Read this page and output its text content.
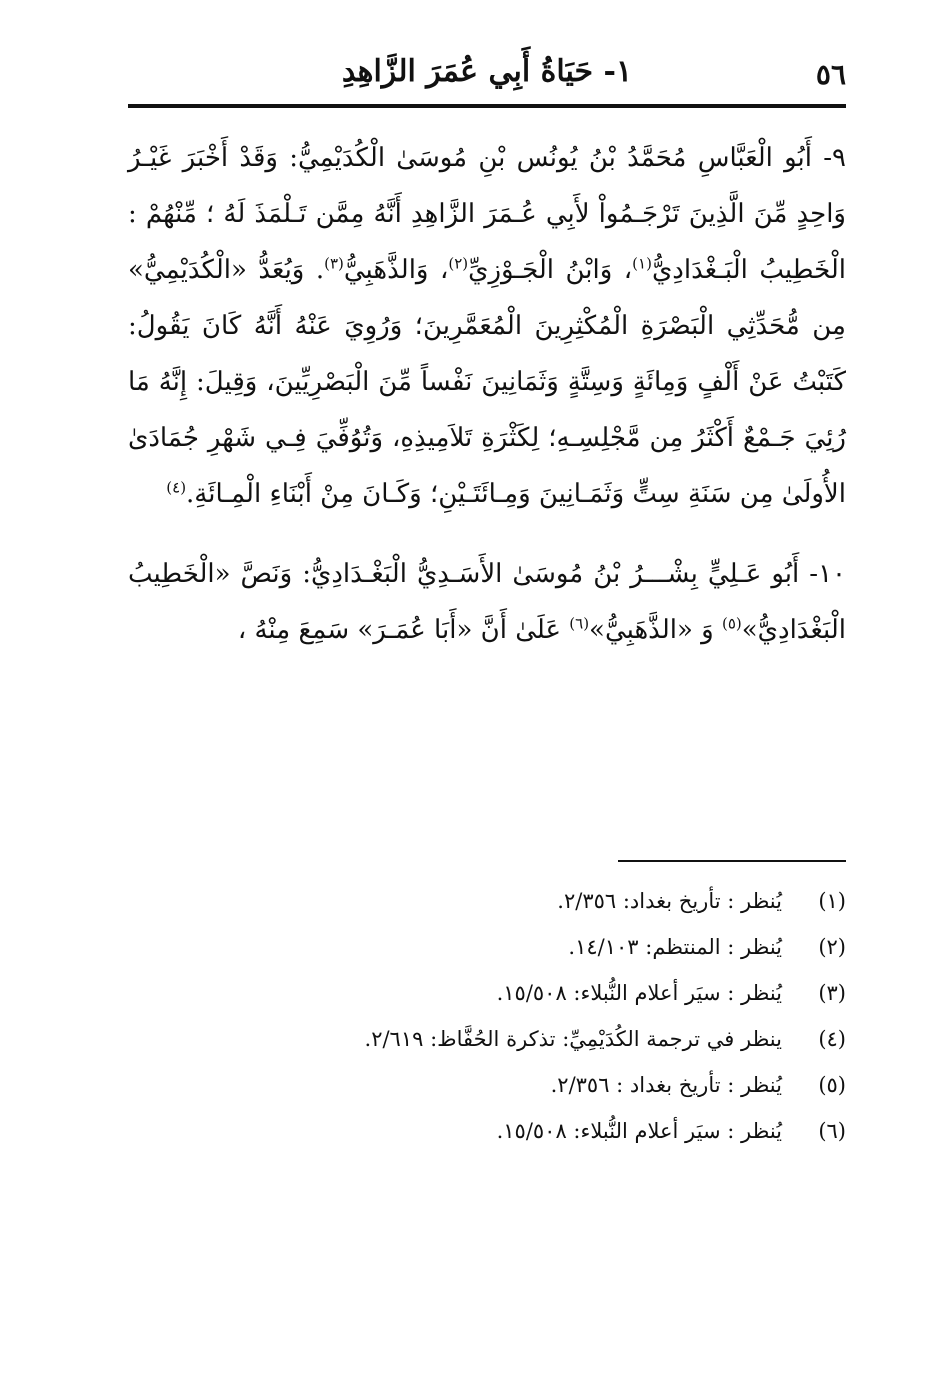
٥٦
١- حَيَاةُ أَبِي عُمَرَ الزَّاهِدِ

٩- أَبُو الْعَبَّاسِ مُحَمَّدُ بْنُ يُونُس بْنِ مُوسَىٰ الْكُدَيْمِيُّ: وَقَدْ أَخْبَرَ غَيْـرُ وَاحِدٍ مِّنَ الَّذِينَ تَرْجَـمُواْ لأَبِي عُـمَرَ الزَّاهِدِ أَنَّهُ مِمَّن تَـلْمَذَ لَهُ ؛ مِّنْهُمْ : الْخَطِيبُ الْبَـغْدَادِيُّ$^{(١)}$، وَابْنُ الْجَـوْزِيِّ$^{(٢)}$، وَالذَّهَبِيُّ$^{(٣)}$. وَيُعَدُّ «الْكُدَيْمِيُّ» مِن مُّحَدِّثِي الْبَصْرَةِ الْمُكْثِرِينَ الْمُعَمَّرِينَ؛ وَرُوِيَ عَنْهُ أَنَّهُ كَانَ يَقُولُ: كَتَبْتُ عَنْ أَلْفٍ وَمِائَةٍ وَسِتَّةٍ وَثَمَانِينَ نَفْساً مِّنَ الْبَصْرِيِّينَ، وَقِيلَ: إِنَّهُ مَا رُئِيَ جَـمْعٌ أَكْثَرُ مِن مَّجْلِسِـهِ؛ لِكَثْرَةِ تَلاَمِيذِهِ، وَتُوُفِّيَ فِـي شَهْرِ جُمَادَىٰ الأُولَىٰ مِن سَنَةِ سِتٍّ وَثَمَـانِينَ وَمِـائَتَـيْنِ؛ وَكَـانَ مِنْ أَبْنَاءِ الْمِـائَةِ.$^{(٤)}$

١٠- أَبُو عَـلِيٍّ بِشْـــرُ بْنُ مُوسَىٰ الأَسَـدِيُّ الْبَغْـدَادِيُّ: وَنَصَّ «الْخَطِيبُ الْبَغْدَادِيُّ»$^{(٥)}$ وَ «الذَّهَبِيُّ»$^{(٦)}$ عَلَىٰ أَنَّ «أَبَا عُمَـرَ» سَمِعَ مِنْهُ ،

(١)
يُنظر : تأريخ بغداد: ٢/٣٥٦.
(٢)
يُنظر : المنتظم: ١٤/١٠٣.
(٣)
يُنظر : سيَر أعلام النُّبلاء: ١٥/٥٠٨.
(٤)
ينظر في ترجمة الكُدَيْمِيِّ: تذكرة الحُفَّاظ: ٢/٦١٩.
(٥)
يُنظر : تأريخ بغداد : ٢/٣٥٦.
(٦)
يُنظر : سيَر أعلام النُّبلاء: ١٥/٥٠٨.
